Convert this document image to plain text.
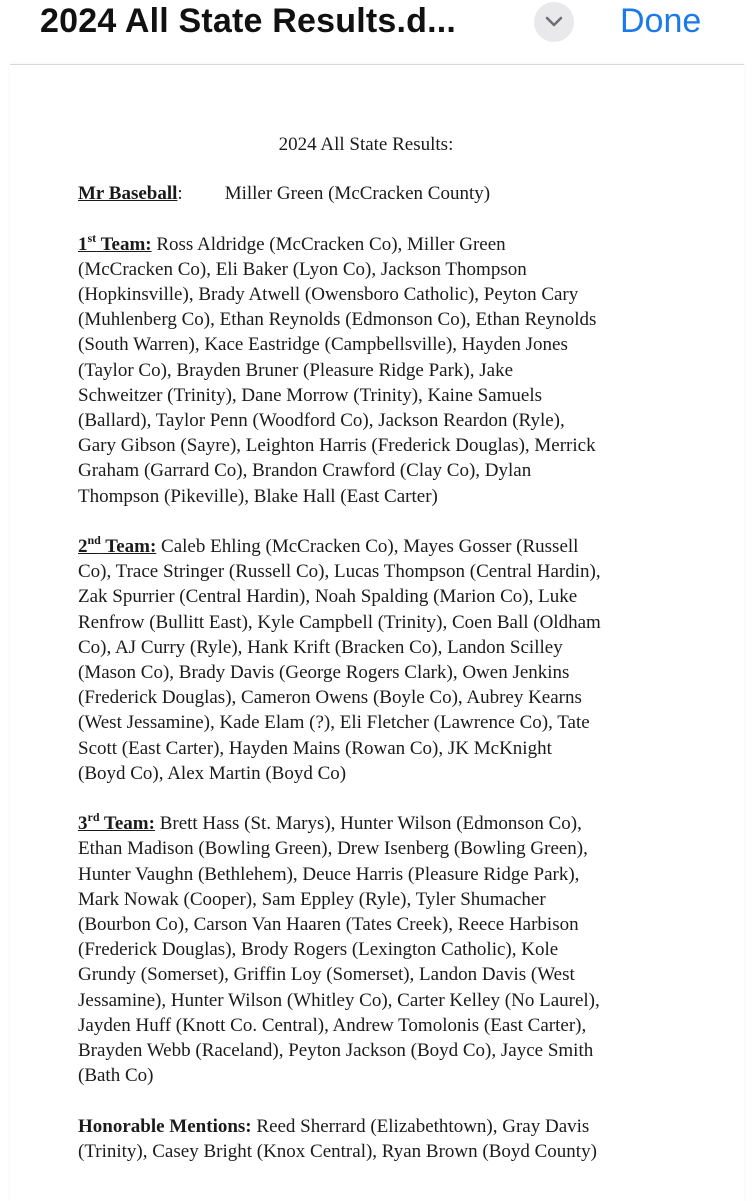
2024 All State Results.d...	Done
2024 All State Results:
Mr Baseball: Miller Green (McCracken County)
1st Team: Ross Aldridge (McCracken Co), Miller Green
(McCracken Co), Eli Baker (Lyon Co), Jackson Thompson
(Hopkinsville), Brady Atwell (Owensboro Catholic), Peyton Cary
(Muhlenberg Co), Ethan Reynolds (Edmonson Co), Ethan Reynolds
(South Warren), Kace Eastridge (Campbellsville), Hayden Jones
(Taylor Co), Brayden Bruner (Pleasure Ridge Park), Jake
Schweitzer (Trinity), Dane Morrow (Trinity), Kaine Samuels
(Ballard), Taylor Penn (Woodford Co), Jackson Reardon (Ryle),
Gary Gibson (Sayre), Leighton Harris (Frederick Douglas), Merrick
Graham (Garrard Co), Brandon Crawford (Clay Co), Dylan
Thompson (Pikeville), Blake Hall (East Carter)
2nd Team: Caleb Ehling (McCracken Co), Mayes Gosser (Russell
Co), Trace Stringer (Russell Co), Lucas Thompson (Central Hardin),
Zak Spurrier (Central Hardin), Noah Spalding (Marion Co), Luke
Renfrow (Bullitt East), Kyle Campbell (Trinity), Coen Ball (Oldham
Co), AJ Curry (Ryle), Hank Krift (Bracken Co), Landon Scilley
(Mason Co), Brady Davis (George Rogers Clark), Owen Jenkins
(Frederick Douglas), Cameron Owens (Boyle Co), Aubrey Kearns
(West Jessamine), Kade Elam (?), Eli Fletcher (Lawrence Co), Tate
Scott (East Carter), Hayden Mains (Rowan Co), JK McKnight
(Boyd Co), Alex Martin (Boyd Co)
3rd Team: Brett Hass (St. Marys), Hunter Wilson (Edmonson Co),
Ethan Madison (Bowling Green), Drew Isenberg (Bowling Green),
Hunter Vaughn (Bethlehem), Deuce Harris (Pleasure Ridge Park),
Mark Nowak (Cooper), Sam Eppley (Ryle), Tyler Shumacher
(Bourbon Co), Carson Van Haaren (Tates Creek), Reece Harbison
(Frederick Douglas), Brody Rogers (Lexington Catholic), Kole
Grundy (Somerset), Griffin Loy (Somerset), Landon Davis (West
Jessamine), Hunter Wilson (Whitley Co), Carter Kelley (No Laurel),
Jayden Huff (Knott Co. Central), Andrew Tomolonis (East Carter),
Brayden Webb (Raceland), Peyton Jackson (Boyd Co), Jayce Smith
(Bath Co)
Honorable Mentions: Reed Sherrard (Elizabethtown), Gray Davis
(Trinity), Casey Bright (Knox Central), Ryan Brown (Boyd County)
